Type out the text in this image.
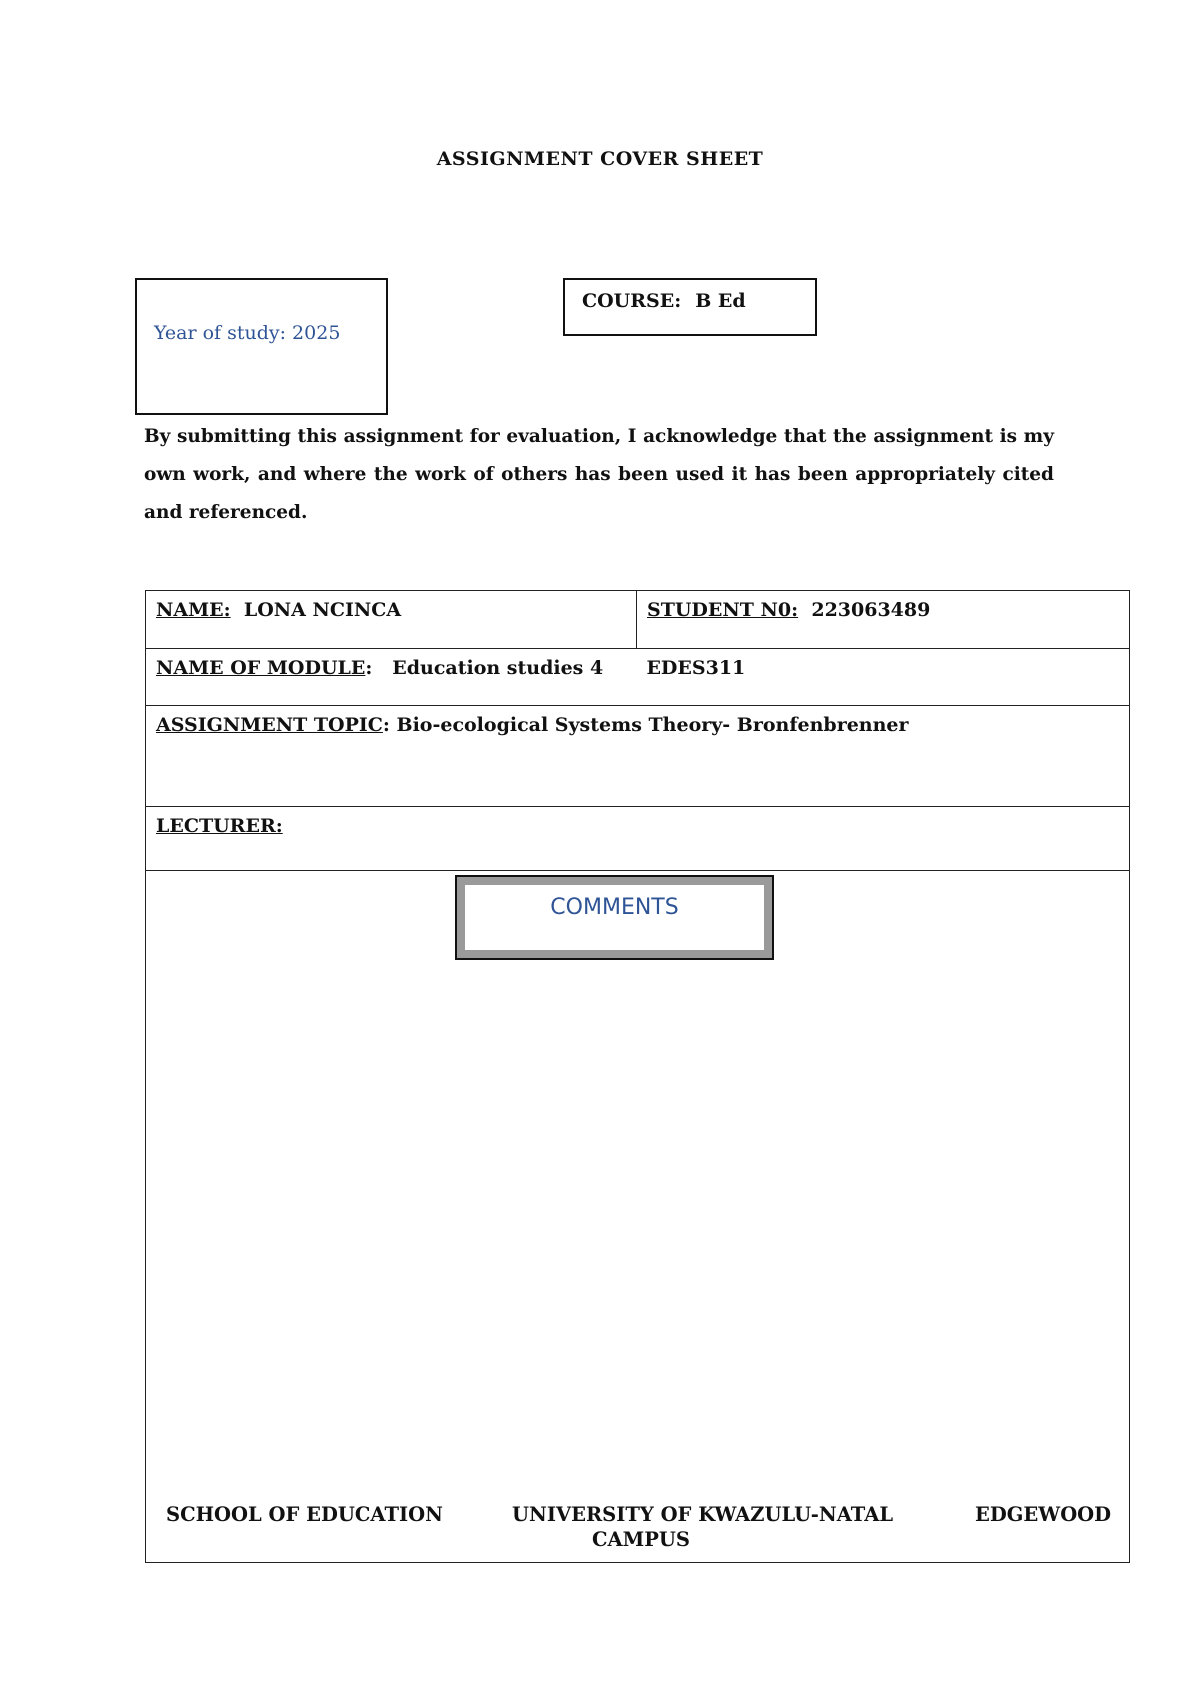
ASSIGNMENT COVER SHEET
Year of study: 2025
COURSE: B Ed

By submitting this assignment for evaluation, I acknowledge that the assignment is my own work, and where the work of others has been used it has been appropriately cited and referenced.

NAME: LONA NCINCA	STUDENT N0: 223063489
NAME OF MODULE:   Education studies 4 EDES311
ASSIGNMENT TOPIC: Bio-ecological Systems Theory- Bronfenbrenner
LECTURER:

COMMENTS
SCHOOL OF EDUCATION	UNIVERSITY OF KWAZULU-NATAL	EDGEWOOD
CAMPUS
